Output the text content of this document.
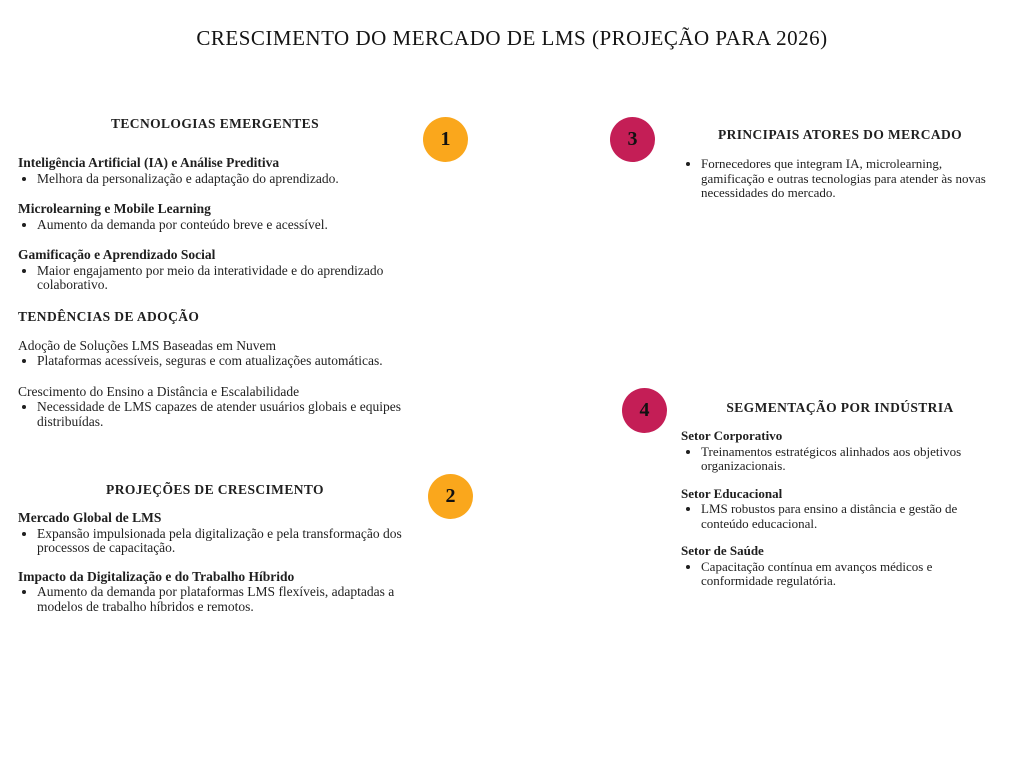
CRESCIMENTO DO MERCADO DE LMS (PROJEÇÃO PARA 2026)
1
2
3
4
TECNOLOGIAS EMERGENTES

Inteligência Artificial (IA) e Análise Preditiva

• Melhora da personalização e adaptação do aprendizado.

Microlearning e Mobile Learning

• Aumento da demanda por conteúdo breve e acessível.

Gamificação e Aprendizado Social

• Maior engajamento por meio da interatividade e do aprendizado colaborativo.
TENDÊNCIAS DE ADOÇÃO

Adoção de Soluções LMS Baseadas em Nuvem

• Plataformas acessíveis, seguras e com atualizações automáticas.

Crescimento do Ensino a Distância e Escalabilidade

• Necessidade de LMS capazes de atender usuários globais e equipes distribuídas.
PROJEÇÕES DE CRESCIMENTO

Mercado Global de LMS

• Expansão impulsionada pela digitalização e pela transformação dos processos de capacitação.

Impacto da Digitalização e do Trabalho Híbrido

• Aumento da demanda por plataformas LMS flexíveis, adaptadas a modelos de trabalho híbridos e remotos.
PRINCIPAIS ATORES DO MERCADO
• Fornecedores que integram IA, microlearning, gamificação e outras tecnologias para atender às novas necessidades do mercado.
SEGMENTAÇÃO POR INDÚSTRIA

Setor Corporativo

• Treinamentos estratégicos alinhados aos objetivos organizacionais.

Setor Educacional

• LMS robustos para ensino a distância e gestão de conteúdo educacional.

Setor de Saúde

• Capacitação contínua em avanços médicos e conformidade regulatória.
